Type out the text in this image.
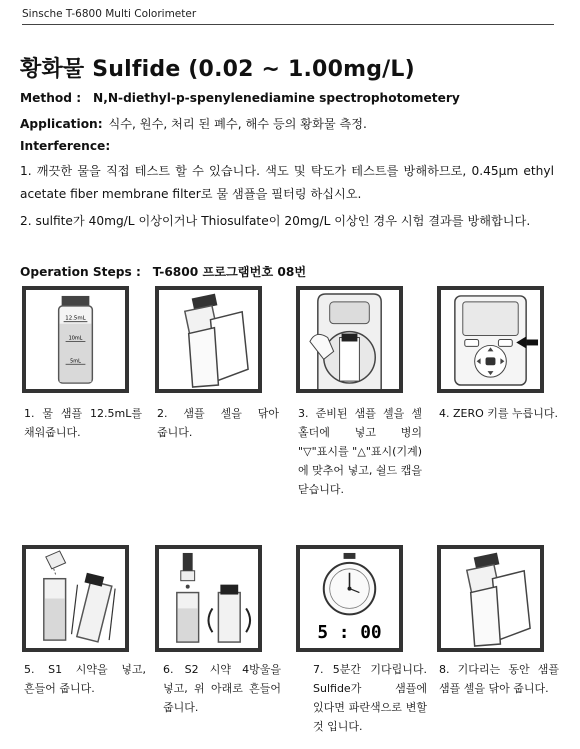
Sinsche T-6800 Multi Colorimeter
황화물 Sulfide (0.02 ~ 1.00mg/L)
Method : N,N-diethyl-p-spenylenediamine spectrophotometery
Application: 식수, 원수, 처리 된 폐수, 해수 등의 황화물 측정.
Interference:
1. 깨끗한 물을 직접 테스트 할 수 있습니다. 색도 및 탁도가 테스트를 방해하므로, 0.45μm ethyl acetate fiber membrane filter로 물 샘플을 필터링 하십시오.
2. sulfite가 40mg/L 이상이거나 Thiosulfate이 20mg/L 이상인 경우 시험 결과를 방해합니다.
Operation Steps : T-6800 프로그램번호 08번
12.5mL
10mL
5mL
1. 물 샘플 12.5mL를 채워줍니다.
2. 샘플 셀을 닦아 줍니다.
3. 준비된 샘플 셀을 셀 홀더에 넣고 병의 "▽"표시를 "△"표시(기계)에 맞추어 넣고, 쉴드 캡을 닫습니다.
4. ZERO 키를 누릅니다.
5 : 00
5. S1 시약을 넣고, 흔들어 줍니다.
6. S2 시약 4방울을 넣고, 위 아래로 흔들어 줍니다.
7. 5분간 기다립니다. Sulfide가 샘플에 있다면 파란색으로 변할 것 입니다.
8. 기다리는 동안 샘플 샘플 셀을 닦아 줍니다.
